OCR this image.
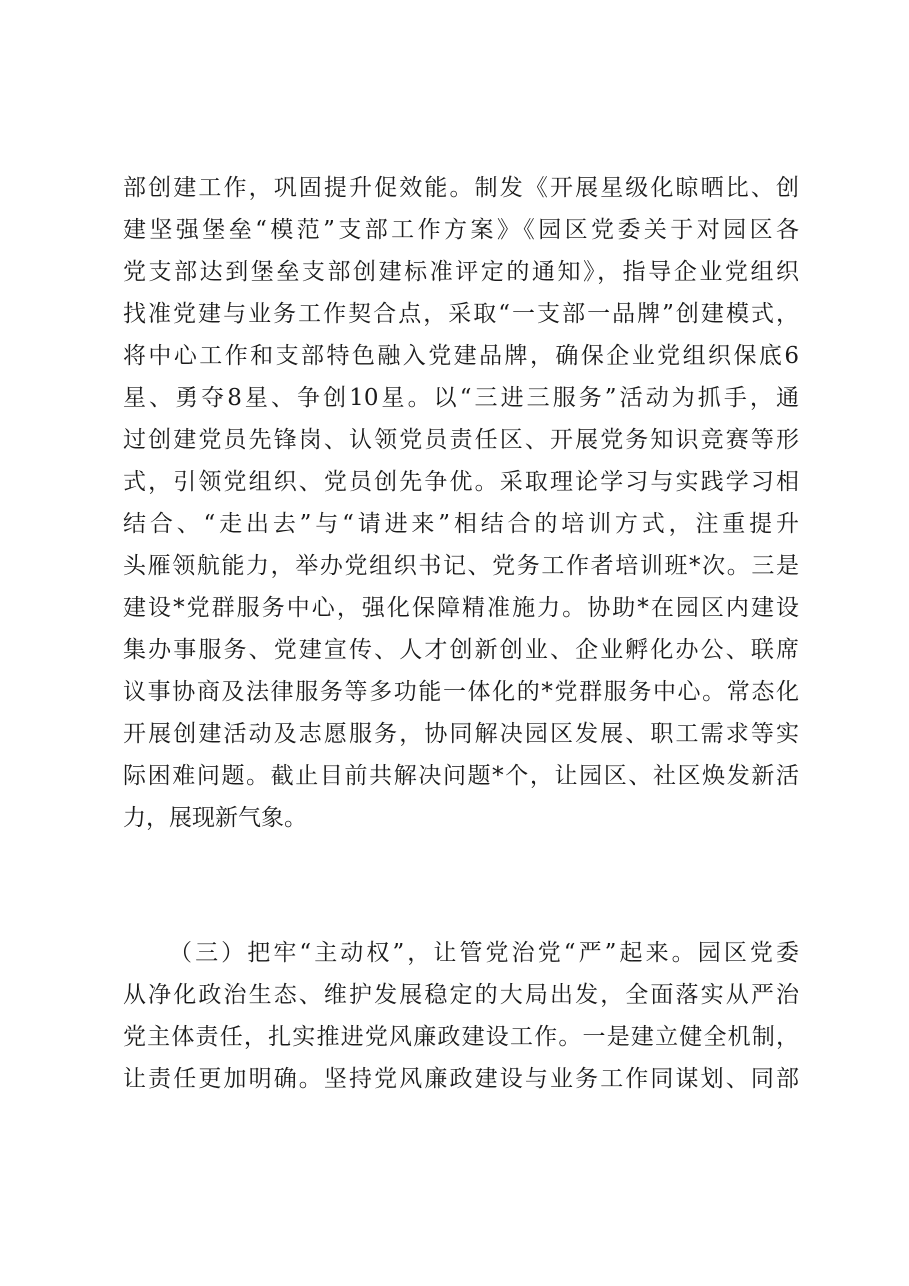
部创建工作，巩固提升促效能。制发《开展星级化晾晒比、创
建坚强堡垒“模范”支部工作方案》《园区党委关于对园区各
党支部达到堡垒支部创建标准评定的通知》，指导企业党组织
找准党建与业务工作契合点，采取“一支部一品牌”创建模式，
将中心工作和支部特色融入党建品牌，确保企业党组织保底6
星、勇夺8星、争创10星。以“三进三服务”活动为抓手，通
过创建党员先锋岗、认领党员责任区、开展党务知识竞赛等形
式，引领党组织、党员创先争优。采取理论学习与实践学习相
结合、“走出去”与“请进来”相结合的培训方式，注重提升
头雁领航能力，举办党组织书记、党务工作者培训班*次。三是
建设*党群服务中心，强化保障精准施力。协助*在园区内建设
集办事服务、党建宣传、人才创新创业、企业孵化办公、联席
议事协商及法律服务等多功能一体化的*党群服务中心。常态化
开展创建活动及志愿服务，协同解决园区发展、职工需求等实
际困难问题。截止目前共解决问题*个，让园区、社区焕发新活
力，展现新气象。
（三）把牢“主动权”，让管党治党“严”起来。园区党委
从净化政治生态、维护发展稳定的大局出发，全面落实从严治
党主体责任，扎实推进党风廉政建设工作。一是建立健全机制，
让责任更加明确。坚持党风廉政建设与业务工作同谋划、同部
